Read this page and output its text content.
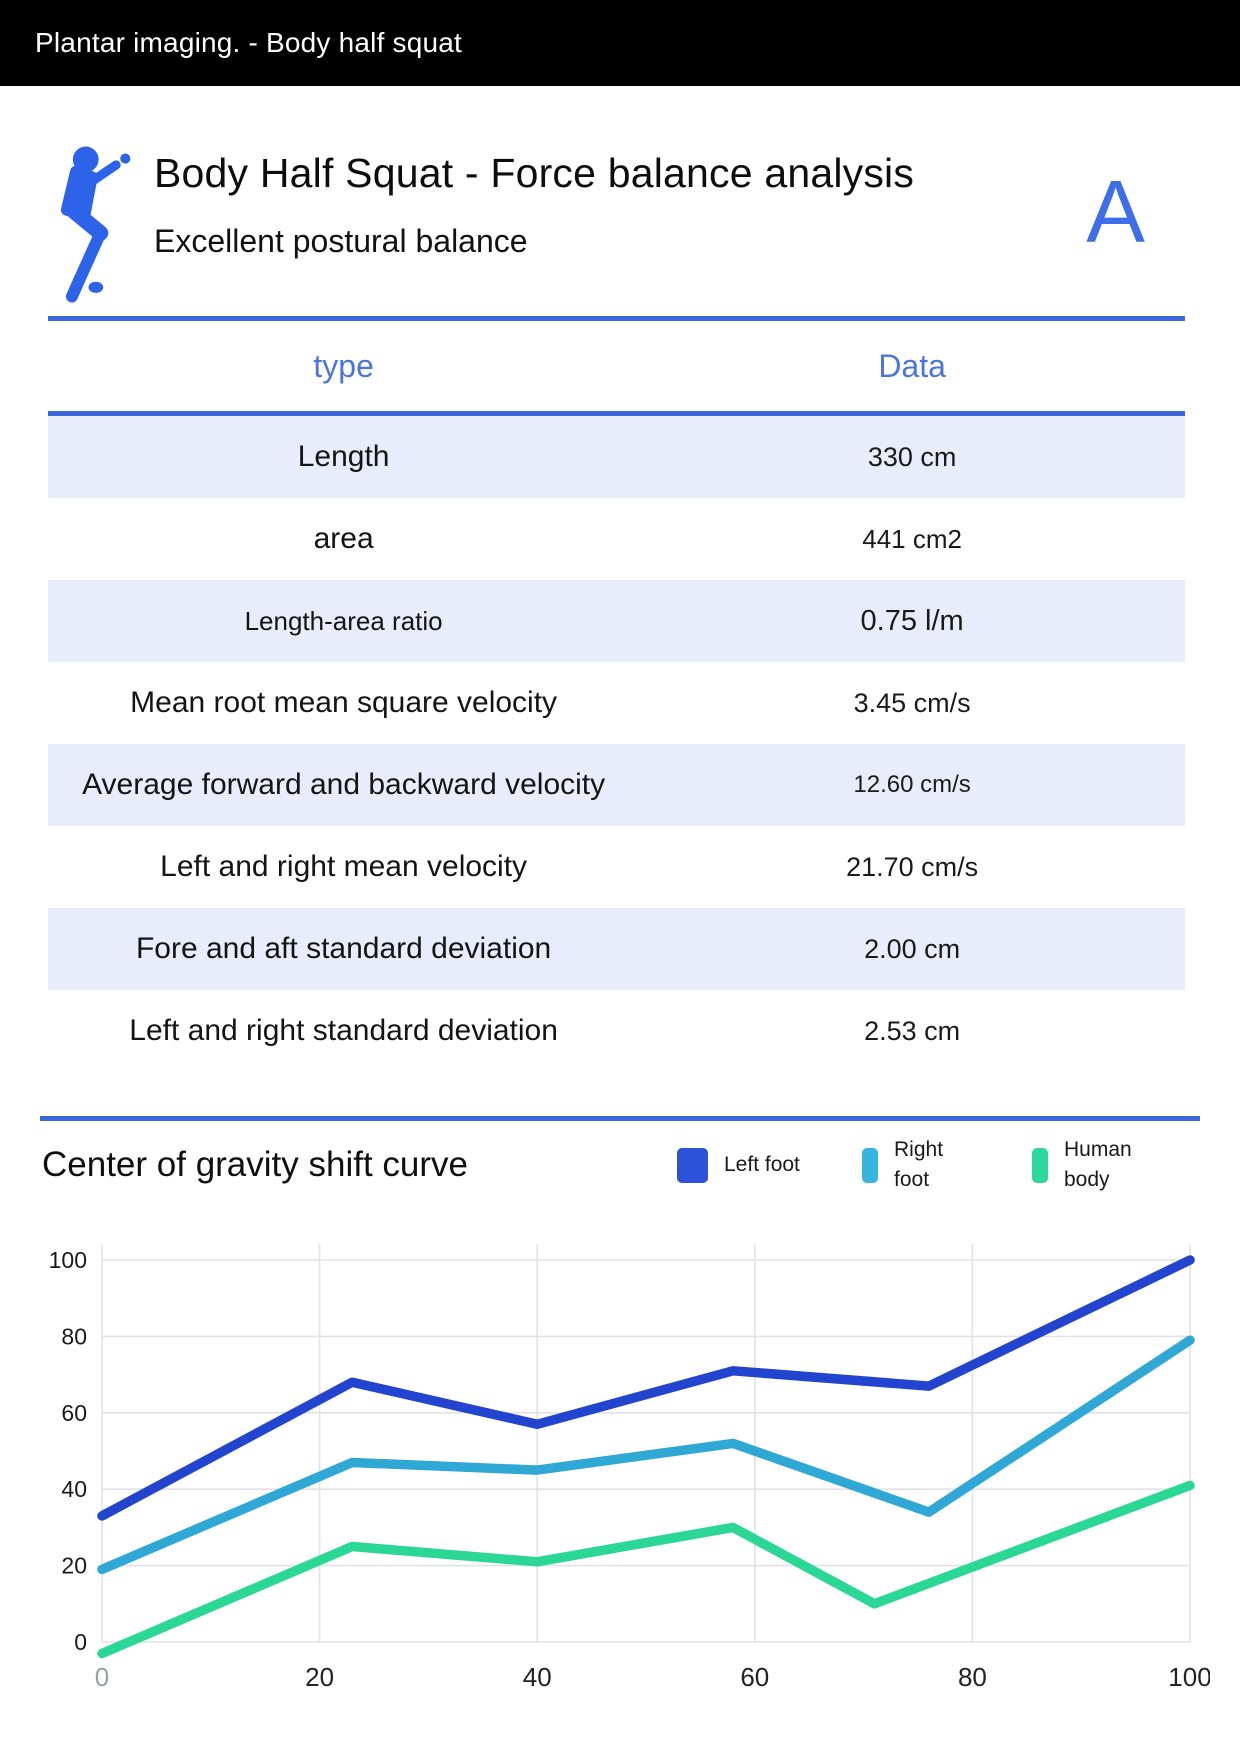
Plantar imaging. - Body half squat
Body Half Squat - Force balance analysis
Excellent postural balance	A
type	Data
Length	330 cm
area	441 cm2
Length-area ratio	0.75 l/m
Mean root mean square velocity	3.45 cm/s
Average forward and backward velocity	12.60 cm/s
Left and right mean velocity	21.70 cm/s
Fore and aft standard deviation	2.00 cm
Left and right standard deviation	2.53 cm
Center of gravity shift curve	Left foot
Right foot
Human body
0
20
40
60
80
100
0	20	40	60	80	100
